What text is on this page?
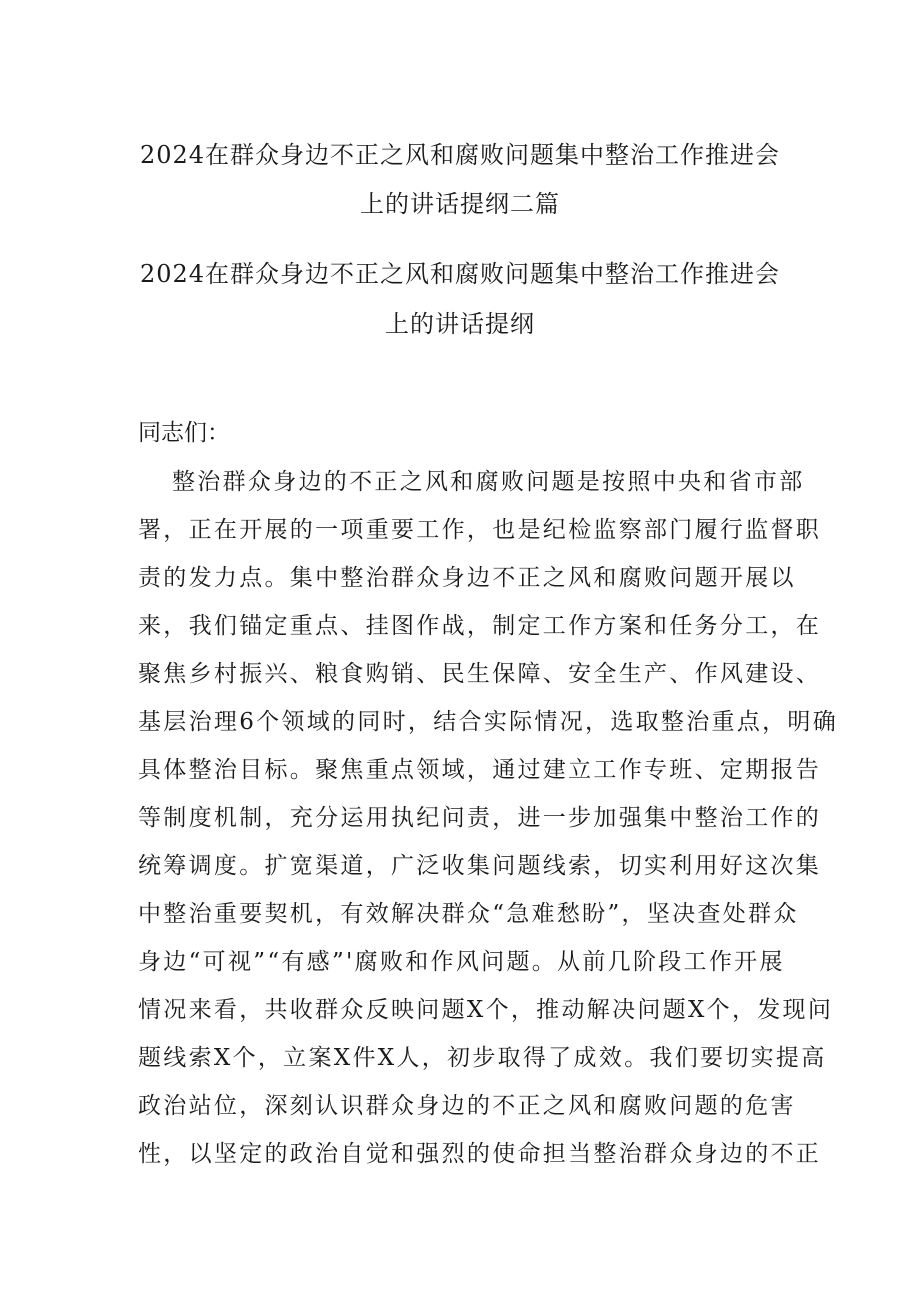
2024在群众身边不正之风和腐败问题集中整治工作推进会
上的讲话提纲二篇
2024在群众身边不正之风和腐败问题集中整治工作推进会
上的讲话提纲
同志们：
整治群众身边的不正之风和腐败问题是按照中央和省市部
署，正在开展的一项重要工作，也是纪检监察部门履行监督职
责的发力点。集中整治群众身边不正之风和腐败问题开展以
来，我们锚定重点、挂图作战，制定工作方案和任务分工，在
聚焦乡村振兴、粮食购销、民生保障、安全生产、作风建设、
基层治理6个领域的同时，结合实际情况，选取整治重点，明确
具体整治目标。聚焦重点领域，通过建立工作专班、定期报告
等制度机制，充分运用执纪问责，进一步加强集中整治工作的
统筹调度。扩宽渠道，广泛收集问题线索，切实利用好这次集
中整治重要契机，有效解决群众“急难愁盼”，坚决查处群众
身边“可视”“有感”'腐败和作风问题。从前几阶段工作开展
情况来看，共收群众反映问题X个，推动解决问题X个，发现问
题线索X个，立案X件X人，初步取得了成效。我们要切实提高
政治站位，深刻认识群众身边的不正之风和腐败问题的危害
性，以坚定的政治自觉和强烈的使命担当整治群众身边的不正
